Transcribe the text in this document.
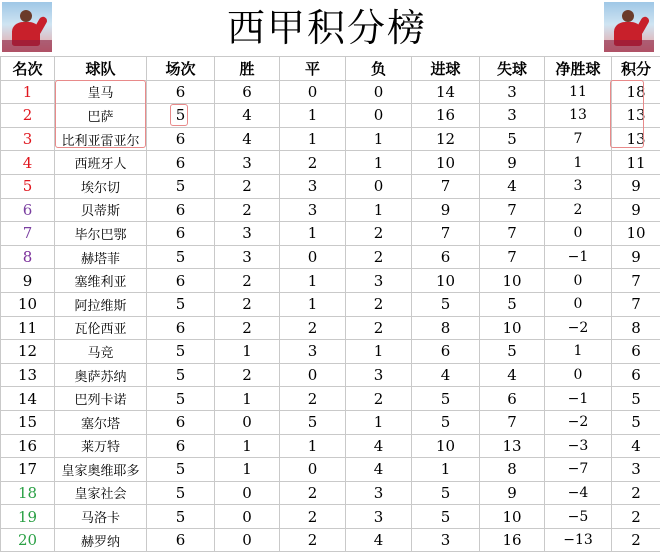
西甲积分榜
名次	球队	场次	胜	平	负	进球	失球	净胜球	积分
1	皇马	6	6	0	0	14	3	11	18
2	巴萨	5	4	1	0	16	3	13	13
3	比利亚雷亚尔	6	4	1	1	12	5	7	13
4	西班牙人	6	3	2	1	10	9	1	11
5	埃尔切	5	2	3	0	7	4	3	9
6	贝蒂斯	6	2	3	1	9	7	2	9
7	毕尔巴鄂	6	3	1	2	7	7	0	10
8	赫塔菲	5	3	0	2	6	7	−1	9
9	塞维利亚	6	2	1	3	10	10	0	7
10	阿拉维斯	5	2	1	2	5	5	0	7
11	瓦伦西亚	6	2	2	2	8	10	−2	8
12	马竞	5	1	3	1	6	5	1	6
13	奥萨苏纳	5	2	0	3	4	4	0	6
14	巴列卡诺	5	1	2	2	5	6	−1	5
15	塞尔塔	6	0	5	1	5	7	−2	5
16	莱万特	6	1	1	4	10	13	−3	4
17	皇家奥维耶多	5	1	0	4	1	8	−7	3
18	皇家社会	5	0	2	3	5	9	−4	2
19	马洛卡	5	0	2	3	5	10	−5	2
20	赫罗纳	6	0	2	4	3	16	−13	2
